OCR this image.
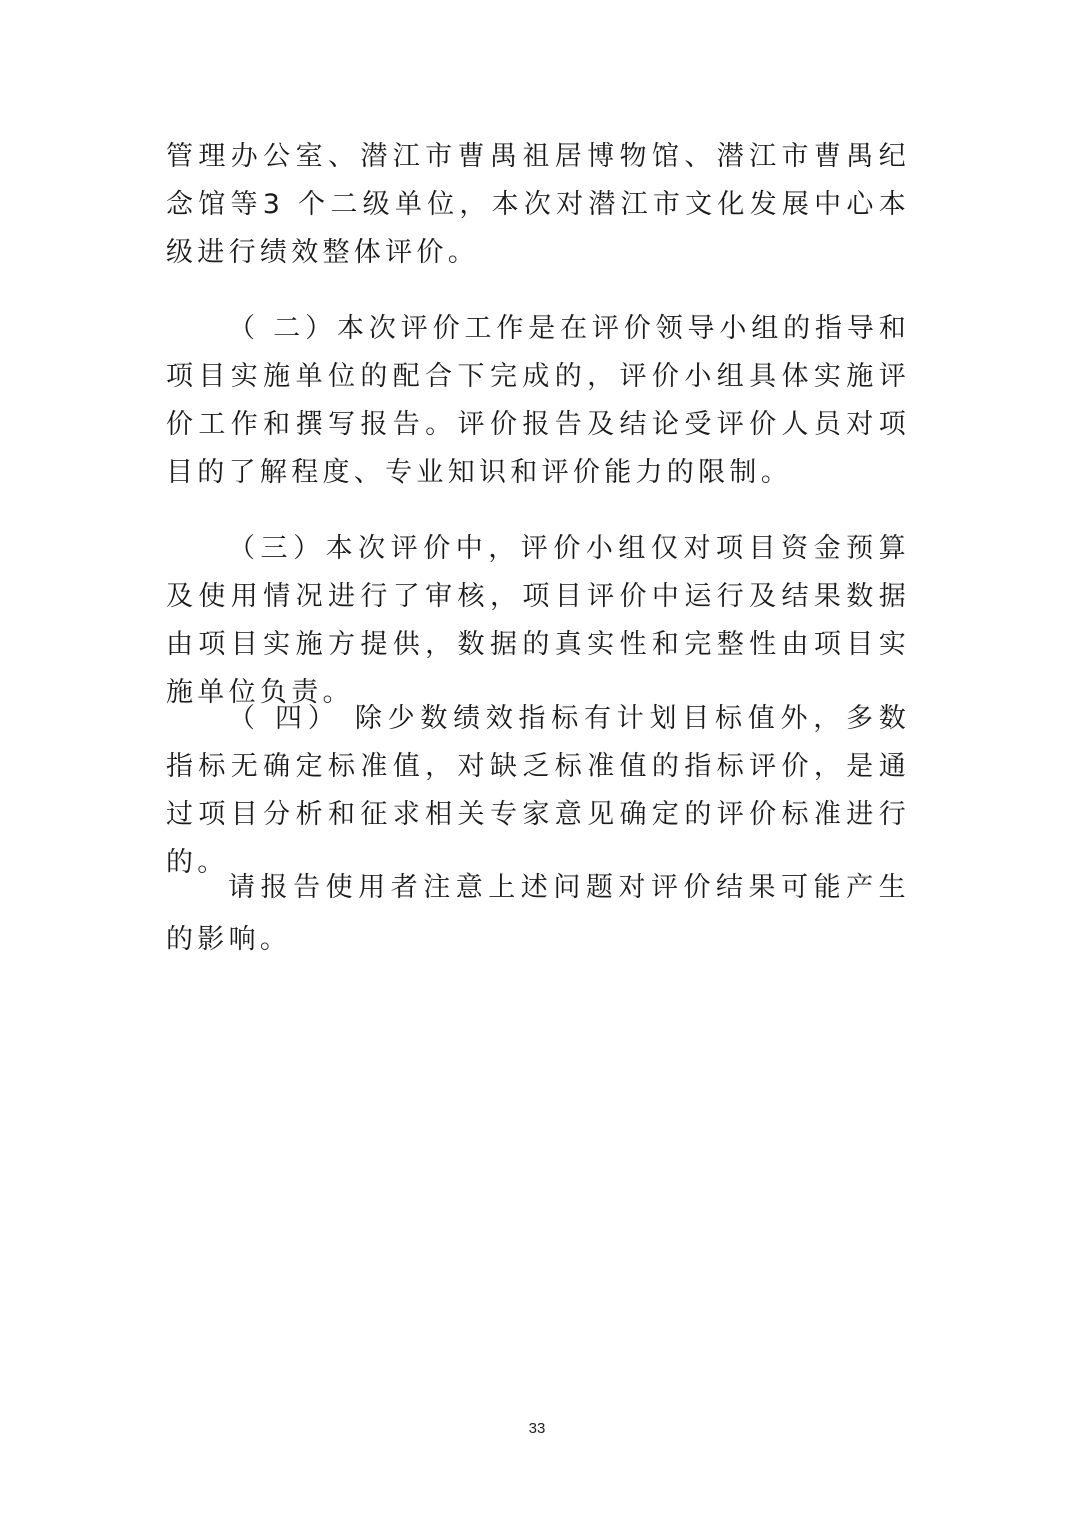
管理办公室、潜江市曹禺祖居博物馆、潜江市曹禺纪念馆等3 个二级单位，本次对潜江市文化发展中心本级进行绩效整体评价。

（ 二）本次评价工作是在评价领导小组的指导和项目实施单位的配合下完成的，评价小组具体实施评价工作和撰写报告。评价报告及结论受评价人员对项目的了解程度、专业知识和评价能力的限制。

（三）本次评价中，评价小组仅对项目资金预算及使用情况进行了审核，项目评价中运行及结果数据由项目实施方提供，数据的真实性和完整性由项目实施单位负责。

（ 四） 除少数绩效指标有计划目标值外，多数指标无确定标准值，对缺乏标准值的指标评价，是通过项目分析和征求相关专家意见确定的评价标准进行的。

请报告使用者注意上述问题对评价结果可能产生的影响。

33
